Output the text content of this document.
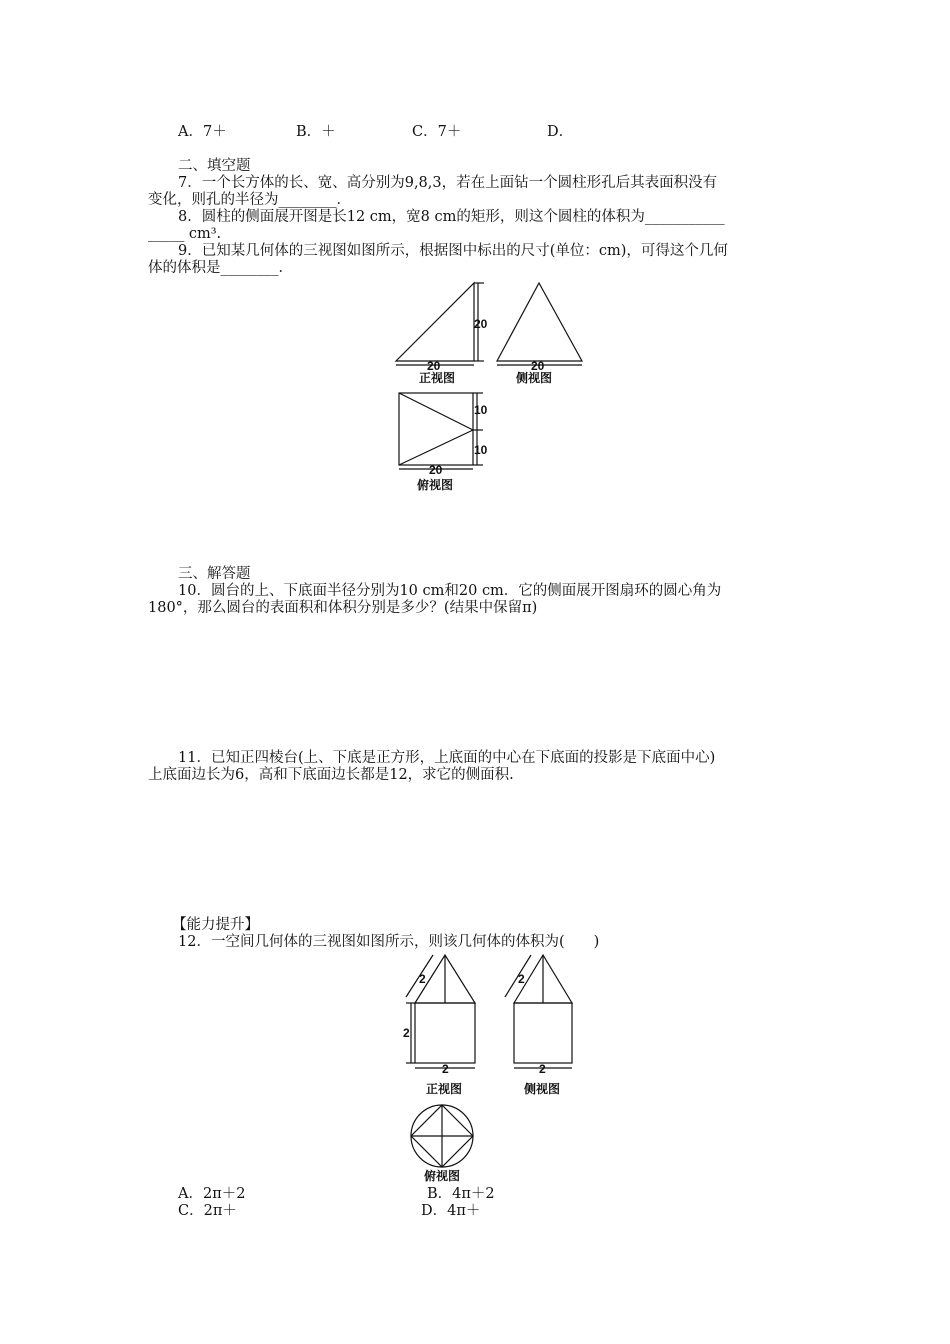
A．7＋	B．＋	C．7＋	D．
二、填空题
7．一个长方体的长、宽、高分别为9,8,3，若在上面钻一个圆柱形孔后其表面积没有
变化，则孔的半径为________．
8．圆柱的侧面展开图是长12 cm，宽8 cm的矩形，则这个圆柱的体积为___________
_____ cm³.
9．已知某几何体的三视图如图所示，根据图中标出的尺寸(单位：cm)，可得这个几何
体的体积是________．
20
20
正视图
20
侧视图
10
10
20
俯视图
三、解答题
10．圆台的上、下底面半径分别为10 cm和20 cm．它的侧面展开图扇环的圆心角为
180°，那么圆台的表面积和体积分别是多少？(结果中保留π)
11．已知正四棱台(上、下底是正方形，上底面的中心在下底面的投影是下底面中心)
上底面边长为6，高和下底面边长都是12，求它的侧面积.
【能力提升】
12．一空间几何体的三视图如图所示，则该几何体的体积为(　　)
2
2
2
正视图
2
2
侧视图
俯视图
A．2π＋2	B．4π＋2
C．2π＋	D．4π＋
